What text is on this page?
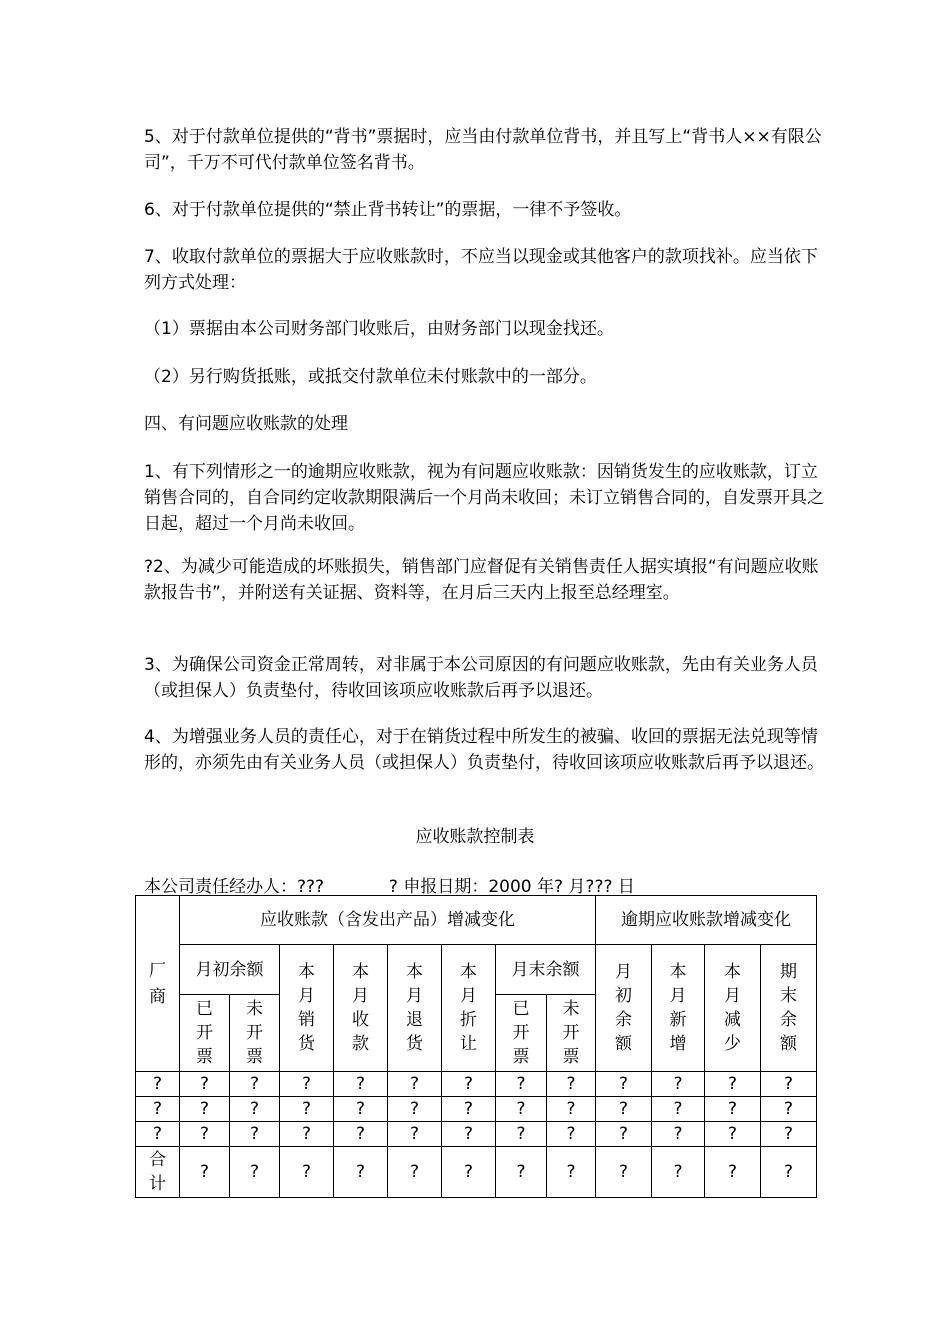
5、对于付款单位提供的“背书”票据时，应当由付款单位背书，并且写上“背书人××有限公司”，千万不可代付款单位签名背书。

6、对于付款单位提供的“禁止背书转让”的票据，一律不予签收。

7、收取付款单位的票据大于应收账款时，不应当以现金或其他客户的款项找补。应当依下列方式处理：

（1）票据由本公司财务部门收账后，由财务部门以现金找还。

（2）另行购货抵账，或抵交付款单位未付账款中的一部分。

四、有问题应收账款的处理

1、有下列情形之一的逾期应收账款，视为有问题应收账款：因销货发生的应收账款，订立销售合同的，自合同约定收款期限满后一个月尚未收回；未订立销售合同的，自发票开具之日起，超过一个月尚未收回。

?2、为减少可能造成的坏账损失，销售部门应督促有关销售责任人据实填报“有问题应收账款报告书”，并附送有关证据、资料等，在月后三天内上报至总经理室。

3、为确保公司资金正常周转，对非属于本公司原因的有问题应收账款，先由有关业务人员（或担保人）负责垫付，待收回该项应收账款后再予以退还。

4、为增强业务人员的责任心，对于在销货过程中所发生的被骗、收回的票据无法兑现等情形的，亦须先由有关业务人员（或担保人）负责垫付，待收回该项应收账款后再予以退还。

应收账款控制表
本公司责任经办人：???            ? 申报日期：2000 年? 月??? 日
厂商	应收账款（含发出产品）增减变化								逾期应收账款增减变化			
	月初余额		本月销货	本月收款	本月退货	本月折让	月末余额		月初余额	本月新增	本月减少	期末余额
	已开票	未开票					已开票	未开票				
?	?	?	?	?	?	?	?	?	?	?	?	?
?	?	?	?	?	?	?	?	?	?	?	?	?
?	?	?	?	?	?	?	?	?	?	?	?	?
合计	?	?	?	?	?	?	?	?	?	?	?	?
